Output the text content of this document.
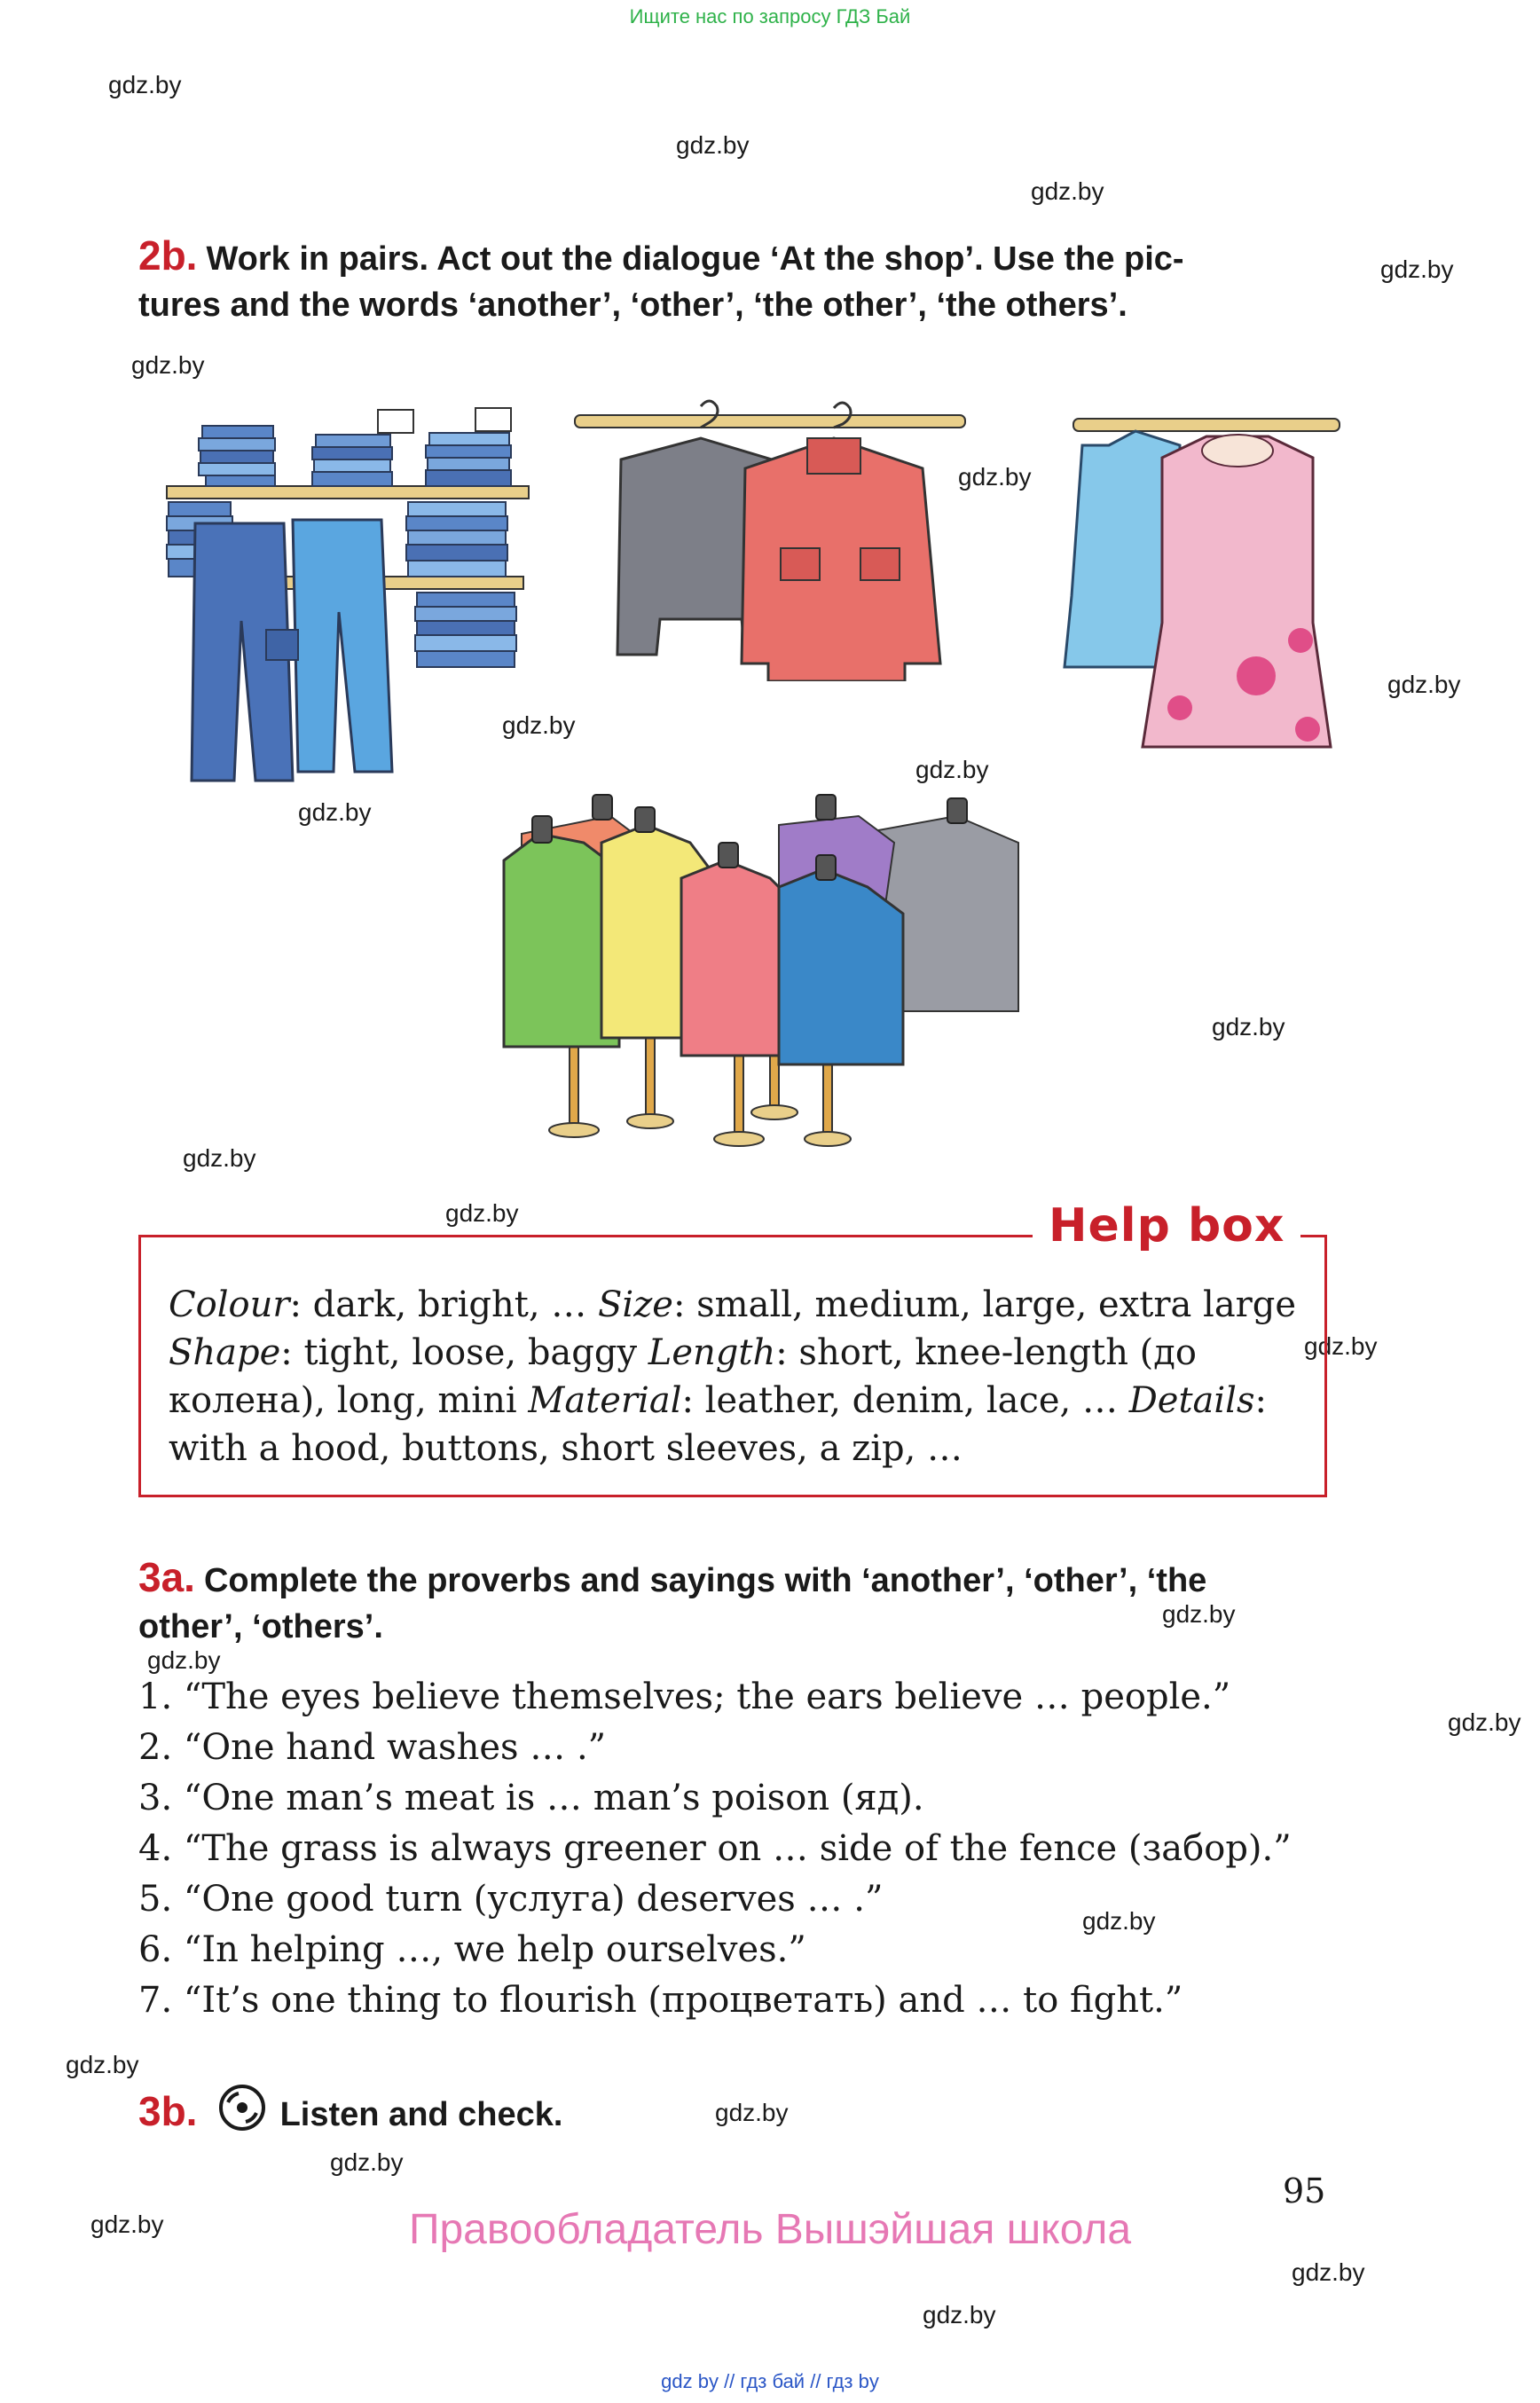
Ищите нас по запросу ГДЗ Бай
gdz.by
gdz.by
gdz.by
gdz.by
gdz.by
gdz.by
gdz.by
gdz.by
gdz.by
gdz.by
gdz.by
gdz.by
gdz.by
gdz.by
gdz.by
gdz.by
gdz.by
gdz.by
gdz.by
gdz.by
gdz.by
gdz.by
gdz.by
gdz.by
2b. Work in pairs. Act out the dialogue ‘At the shop’. Use the pic-
tures and the words ‘another’, ‘other’, ‘the other’, ‘the others’.
Help box
Colour: dark, bright, … Size: small, medium, large, extra large Shape: tight, loose, baggy Length: short, knee-length (до колена), long, mini Material: leather, denim, lace, … Details: with a hood, buttons, short sleeves, a zip, …
3a. Complete the proverbs and sayings with ‘another’, ‘other’, ‘the
other’, ‘others’.
1. “The eyes believe themselves; the ears believe … people.”
2. “One hand washes … .”
3. “One man’s meat is … man’s poison (яд).
4. “The grass is always greener on … side of the fence (забор).”
5. “One good turn (услуга) deserves … .”
6. “In helping …, we help ourselves.”
7. “It’s one thing to flourish (процветать) and … to fight.”
3b. Listen and check.
95
Правообладатель Вышэйшая школа
gdz by // гдз бай // гдз by
